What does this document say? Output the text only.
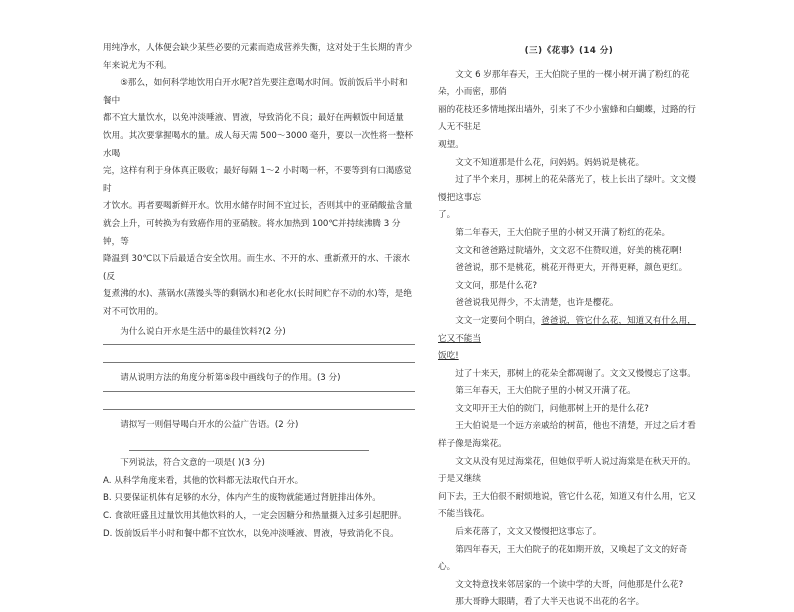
用纯净水，人体便会缺少某些必要的元素而造成营养失衡，这对处于生长期的青少

年来说尤为不利。

⑤那么，如何科学地饮用白开水呢?首先要注意喝水时间。饭前饭后半小时和餐中

都不宜大量饮水，以免冲淡唾液、胃液，导致消化不良；最好在两顿饭中间适量

饮用。其次要掌握喝水的量。成人每天需 500～3000 毫升，要以一次性将一整杯水喝

完，这样有利于身体真正吸收；最好每隔 1～2 小时喝一杯，不要等到有口渴感觉时

才饮水。再者要喝新鲜开水。饮用水储存时间不宜过长，否则其中的亚硝酸盐含量

就会上升，可转换为有致癌作用的亚硝胺。将水加热到 100℃并持续沸腾 3 分钟，等

降温到 30℃以下后最适合安全饮用。而生水、不开的水、重新煮开的水、千滚水(反

复煮沸的水)、蒸锅水(蒸馒头等的剩锅水)和老化水(长时间贮存不动的水)等，是绝

对不可饮用的。

为什么说白开水是生活中的最佳饮料?(2 分)

请从说明方法的角度分析第⑤段中画线句子的作用。(3 分)

请拟写一则倡导喝白开水的公益广告语。(2 分)

下列说法，符合文意的一项是( )(3 分)

A. 从科学角度来看，其他的饮料都无法取代白开水。

B. 只要保证机体有足够的水分，体内产生的废物就能通过肾脏排出体外。

C. 食欲旺盛且过量饮用其他饮料的人，一定会因糖分和热量摄入过多引起肥胖。

D. 饭前饭后半小时和餐中都不宜饮水，以免冲淡唾液、胃液，导致消化不良。

(三)《花事》(14 分)

文文 6 岁那年春天，王大伯院子里的一棵小树开满了粉红的花朵，小而密，那俏

丽的花枝还多情地探出墙外，引来了不少小蜜蜂和白蝴蝶，过路的行人无不驻足

观望。

文文不知道那是什么花，问妈妈。妈妈说是桃花。

过了半个来月，那树上的花朵落光了，枝上长出了绿叶。文文慢慢把这事忘

了。

第二年春天，王大伯院子里的小树又开满了粉红的花朵。

文文和爸爸路过院墙外，文文忍不住赞叹道，好美的桃花啊!

爸爸说，那不是桃花，桃花开得更大，开得更释，颜色更红。

文文问，那是什么花?

爸爸说我见得少，不太清楚，也许是樱花。

文文一定要问个明白，爸爸说，管它什么花，知道又有什么用，它又不能当

饭吃!

过了十来天，那树上的花朵全都凋谢了。文文又慢慢忘了这事。

第三年春天，王大伯院子里的小树又开满了花。

文文叩开王大伯的院门，问他那树上开的是什么花?

王大伯说是一个远方亲戚给的树苗，他也不清楚，开过之后才看样子像是海棠花。

文文从没有见过海棠花，但她似乎听人说过海棠是在秋天开的。于是又继续

问下去，王大伯很不耐烦地说，管它什么花，知道又有什么用，它又不能当钱花。

后来花落了，文文又慢慢把这事忘了。

第四年春天，王大伯院子的花如期开放，又唤起了文文的好奇心。

文文特意找来邻居家的一个读中学的大哥，问他那是什么花?

那大哥睁大眼睛，看了大半天也说不出花的名字。
